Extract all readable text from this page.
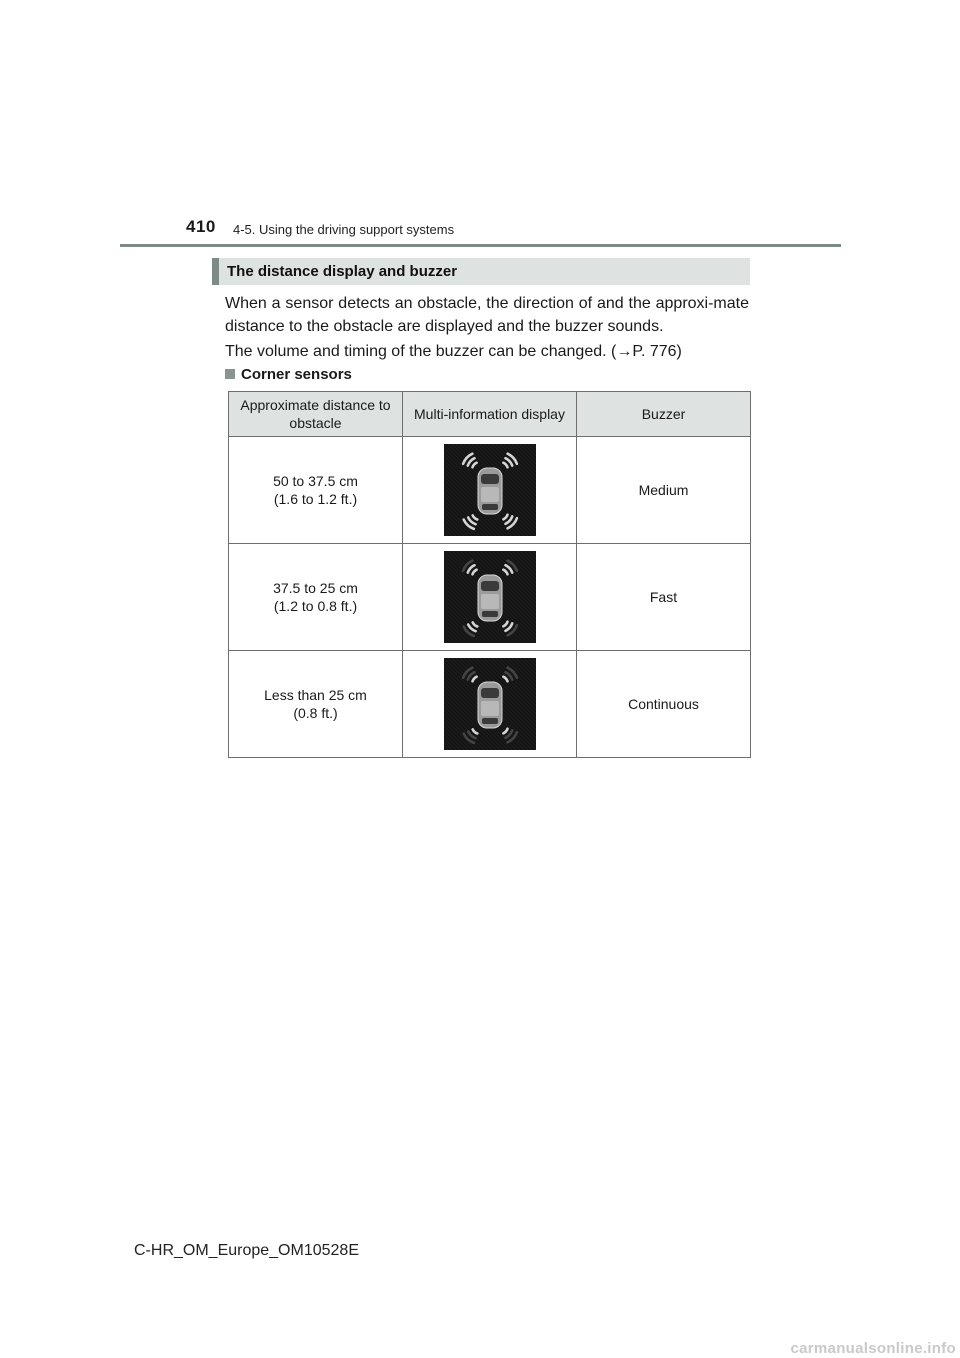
410 4-5. Using the driving support systems
The distance display and buzzer

When a sensor detects an obstacle, the direction of and the approxi-mate distance to the obstacle are displayed and the buzzer sounds.

The volume and timing of the buzzer can be changed. (→P. 776)

Corner sensors
Approximate distance to obstacle	Multi-information display	Buzzer

50 to 37.5 cm
(1.6 to 1.2 ft.)		Medium

37.5 to 25 cm
(1.2 to 0.8 ft.)		Fast

Less than 25 cm
(0.8 ft.)		Continuous
C-HR_OM_Europe_OM10528E
carmanualsonline.info
